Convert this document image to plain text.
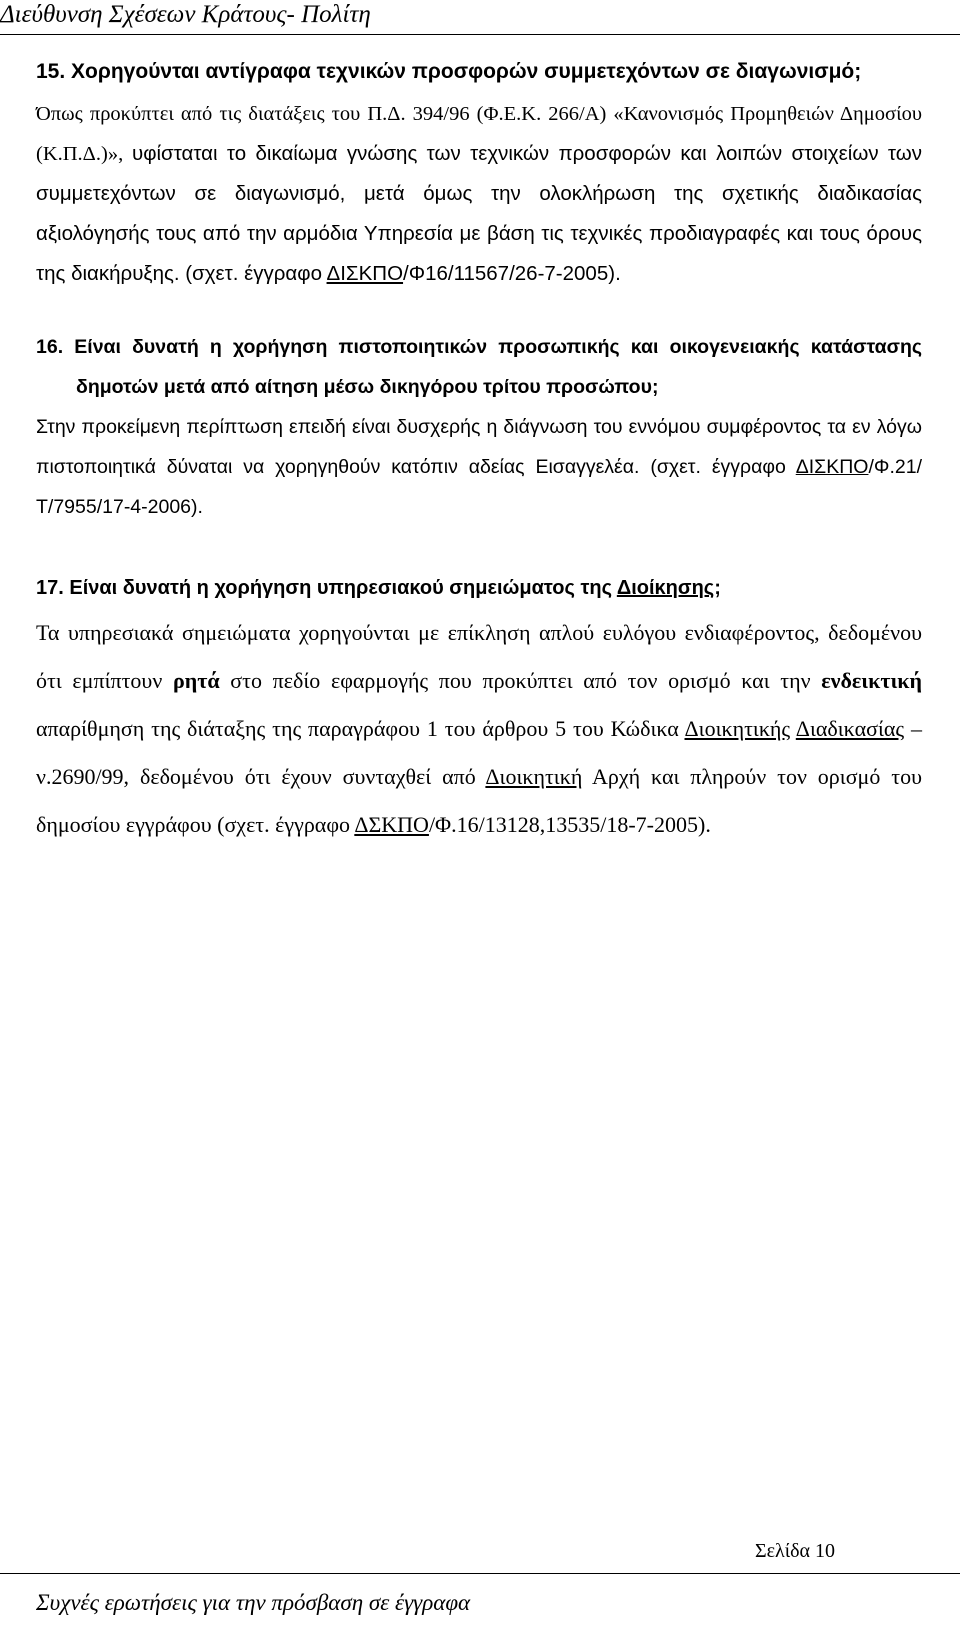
Διεύθυνση Σχέσεων Κράτους- Πολίτη

15. Χορηγούνται αντίγραφα τεχνικών προσφορών συμμετεχόντων σε διαγωνισμό;

Όπως προκύπτει από τις διατάξεις του Π.Δ. 394/96 (Φ.Ε.Κ. 266/Α) «Κανονισμός Προμηθειών Δημοσίου (Κ.Π.Δ.)», υφίσταται το δικαίωμα γνώσης των τεχνικών προσφορών και λοιπών στοιχείων των συμμετεχόντων σε διαγωνισμό, μετά όμως την ολοκλήρωση της σχετικής διαδικασίας αξιολόγησής τους από την αρμόδια Υπηρεσία με βάση τις τεχνικές προδιαγραφές και τους όρους της διακήρυξης. (σχετ. έγγραφο ΔΙΣΚΠΟ/Φ16/11567/26-7-2005).

16. Είναι δυνατή η χορήγηση πιστοποιητικών προσωπικής και οικογενειακής κατάστασης δημοτών μετά από αίτηση μέσω δικηγόρου τρίτου προσώπου;

Στην προκείμενη περίπτωση επειδή είναι δυσχερής η διάγνωση του εννόμου συμφέροντος τα εν λόγω πιστοποιητικά δύναται να χορηγηθούν κατόπιν αδείας Εισαγγελέα. (σχετ. έγγραφο ΔΙΣΚΠΟ/Φ.21/Τ/7955/17-4-2006).

17. Είναι δυνατή η χορήγηση υπηρεσιακού σημειώματος της Διοίκησης;

Τα υπηρεσιακά σημειώματα χορηγούνται με επίκληση απλού ευλόγου ενδιαφέροντος, δεδομένου ότι εμπίπτουν ρητά στο πεδίο εφαρμογής που προκύπτει από τον ορισμό και την ενδεικτική απαρίθμηση της διάταξης της παραγράφου 1 του άρθρου 5 του Κώδικα Διοικητικής Διαδικασίας – ν.2690/99, δεδομένου ότι έχουν συνταχθεί από Διοικητική Αρχή και πληρούν τον ορισμό του δημοσίου εγγράφου (σχετ. έγγραφο ΔΣΚΠΟ/Φ.16/13128,13535/18-7-2005).

Σελίδα 10
Συχνές ερωτήσεις για την πρόσβαση σε έγγραφα
